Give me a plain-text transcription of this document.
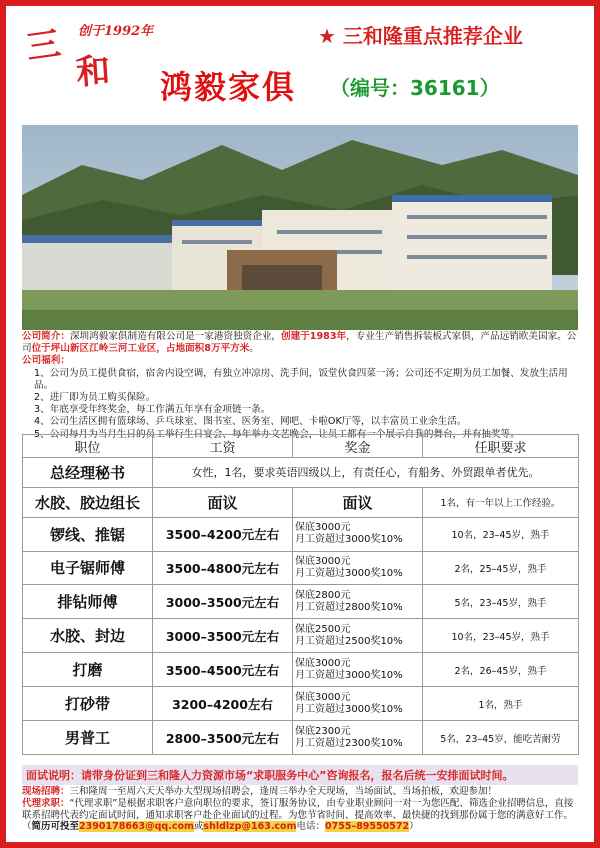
三 创于1992年
和
★ 三和隆重点推荐企业
鸿毅家俱 （编号：36161）
公司简介：深圳鸿毅家俱制造有限公司是一家港资独资企业，创建于1983年，专业生产销售拆装板式家俱，产品远销欧美国家。公司位于坪山新区江岭三河工业区，占地面积8万平方米。
公司福利：
1、公司为员工提供食宿，宿舍内设空调，有独立冲凉房、洗手间，饭堂伙食四菜一汤；公司还不定期为员工加餐、发放生活用品。
2、进厂即为员工购买保险。
3、年底享受年终奖金，每工作满五年享有金项链一条。
4、公司生活区拥有篮球场、乒乓球室、图书室、医务室、网吧、卡啦OK厅等，以丰富员工业余生活。
5、公司每月为当月生日的员工举行生日宴会、每年举办文艺晚会，让员工都有一个展示自我的舞台，并有抽奖等。
职位	工资	奖金	任职要求
总经理秘书	女性，1名，要求英语四级以上，有责任心，有船务、外贸跟单者优先。		
水胶、胶边组长	面议	面议	1名，有一年以上工作经验。
锣线、推锯	3500–4200元左右	保底3000元
月工资超过3000奖10%	10名，23–45岁，熟手
电子锯师傅	3500–4800元左右	保底3000元
月工资超过3000奖10%	2名，25–45岁，熟手
排钻师傅	3000–3500元左右	保底2800元
月工资超过2800奖10%	5名，23–45岁，熟手
水胶、封边	3000–3500元左右	保底2500元
月工资超过2500奖10%	10名，23–45岁，熟手
打磨	3500–4500元左右	保底3000元
月工资超过3000奖10%	2名，26–45岁，熟手
打砂带	3200–4200左右	保底3000元
月工资超过3000奖10%	1名，熟手
男普工	2800–3500元左右	保底2300元
月工资超过2300奖10%	5名，23–45岁，能吃苦耐劳
面试说明：请带身份证到三和隆人力资源市场“求职服务中心”咨询报名，报名后统一安排面试时间。
现场招聘：三和隆周一至周六天天举办大型现场招聘会，逢周三举办全天现场，当场面试、当场拍板，欢迎参加！
代理求职：“代理求职”是根据求职客户意向职位的要求，签订服务协议，由专业职业顾问一对一为您匹配、筛选企业招聘信息，直接联系招聘代表约定面试时间，通知求职客户赴企业面试的过程。为您节省时间、提高效率、最快捷的找到那份属于您的满意好工作。（简历可投至2390178663@qq.com或shldlzp@163.com电话：0755–89550572）
